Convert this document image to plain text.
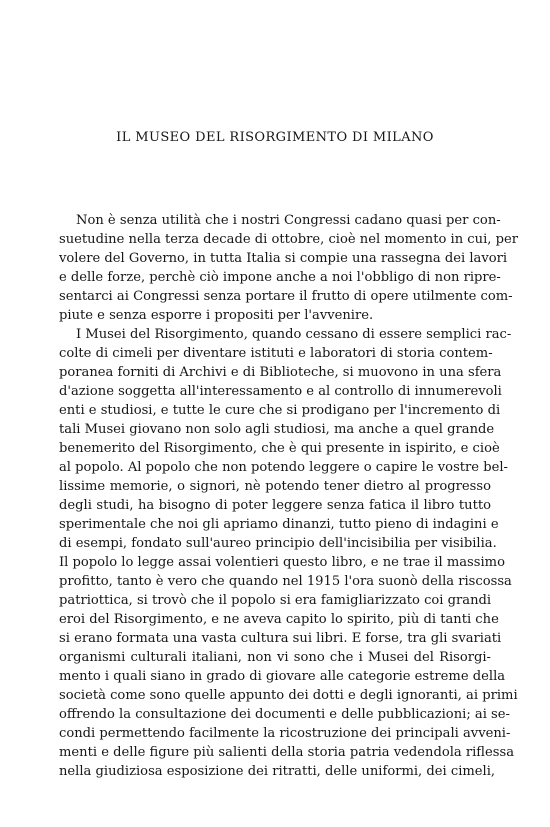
IL MUSEO DEL RISORGIMENTO DI MILANO
Non è senza utilità che i nostri Congressi cadano quasi per con-
suetudine nella terza decade di ottobre, cioè nel momento in cui, per
volere del Governo, in tutta Italia si compie una rassegna dei lavori
e delle forze, perchè ciò impone anche a noi l'obbligo di non ripre-
sentarci ai Congressi senza portare il frutto di opere utilmente com-
piute e senza esporre i propositi per l'avvenire.
I Musei del Risorgimento, quando cessano di essere semplici rac-
colte di cimeli per diventare istituti e laboratori di storia contem-
poranea forniti di Archivi e di Biblioteche, si muovono in una sfera
d'azione soggetta all'interessamento e al controllo di innumerevoli
enti e studiosi, e tutte le cure che si prodigano per l'incremento di
tali Musei giovano non solo agli studiosi, ma anche a quel grande
benemerito del Risorgimento, che è qui presente in ispirito, e cioè
al popolo. Al popolo che non potendo leggere o capire le vostre bel-
lissime memorie, o signori, nè potendo tener dietro al progresso
degli studi, ha bisogno di poter leggere senza fatica il libro tutto
sperimentale che noi gli apriamo dinanzi, tutto pieno di indagini e
di esempi, fondato sull'aureo principio dell'incisibilia per visibilia.
Il popolo lo legge assai volentieri questo libro, e ne trae il massimo
profitto, tanto è vero che quando nel 1915 l'ora suonò della riscossa
patriottica, si trovò che il popolo si era famigliarizzato coi grandi
eroi del Risorgimento, e ne aveva capito lo spirito, più di tanti che
si erano formata una vasta cultura sui libri. E forse, tra gli svariati
organismi culturali italiani, non vi sono che i Musei del Risorgi-
mento i quali siano in grado di giovare alle categorie estreme della
società come sono quelle appunto dei dotti e degli ignoranti, ai primi
offrendo la consultazione dei documenti e delle pubblicazioni; ai se-
condi permettendo facilmente la ricostruzione dei principali avveni-
menti e delle figure più salienti della storia patria vedendola riflessa
nella giudiziosa esposizione dei ritratti, delle uniformi, dei cimeli,
